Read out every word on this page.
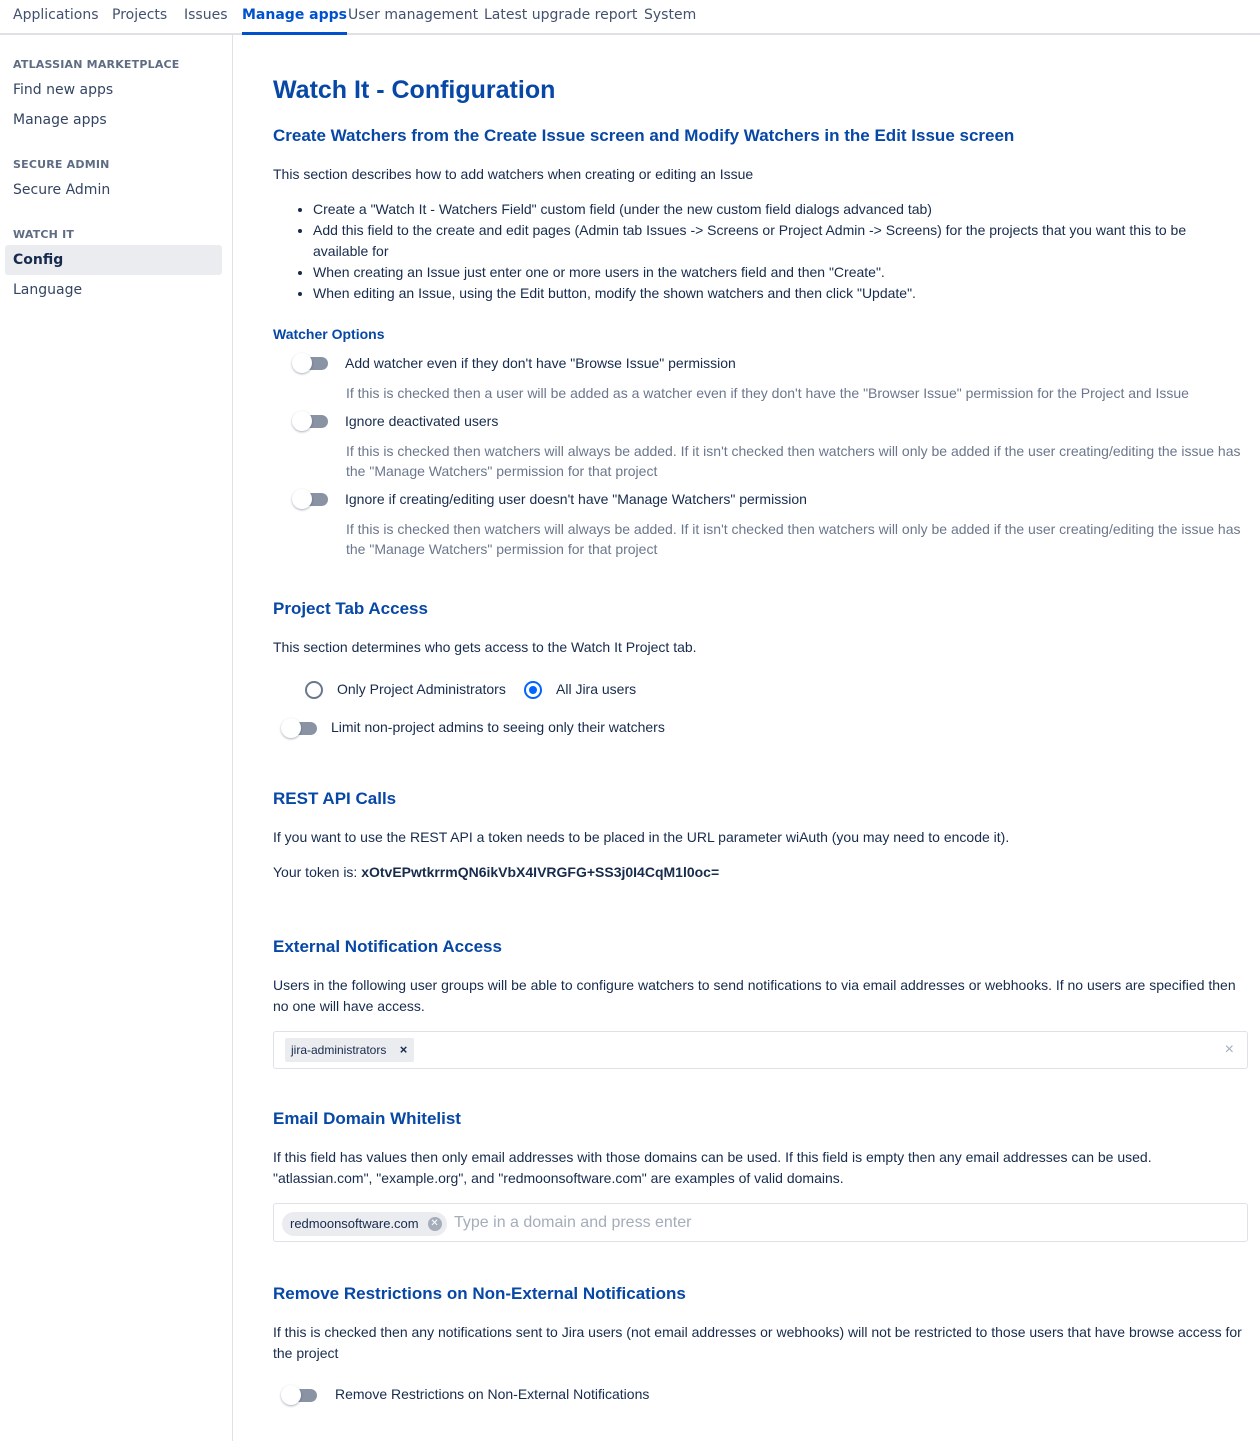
Applications Projects Issues Manage apps User management Latest upgrade report System
ATLASSIAN MARKETPLACE
Find new apps
Manage apps
SECURE ADMIN
Secure Admin
WATCH IT
Config
Language
Watch It - Configuration
Create Watchers from the Create Issue screen and Modify Watchers in the Edit Issue screen

This section describes how to add watchers when creating or editing an Issue

• Create a "Watch It - Watchers Field" custom field (under the new custom field dialogs advanced tab)
• Add this field to the create and edit pages (Admin tab Issues -> Screens or Project Admin -> Screens) for the projects that you want this to be available for
• When creating an Issue just enter one or more users in the watchers field and then "Create".
• When editing an Issue, using the Edit button, modify the shown watchers and then click "Update".
Watcher Options
Add watcher even if they don't have "Browse Issue" permission
If this is checked then a user will be added as a watcher even if they don't have the "Browser Issue" permission for the Project and Issue
Ignore deactivated users
If this is checked then watchers will always be added. If it isn't checked then watchers will only be added if the user creating/editing the issue has the "Manage Watchers" permission for that project
Ignore if creating/editing user doesn't have "Manage Watchers" permission
If this is checked then watchers will always be added. If it isn't checked then watchers will only be added if the user creating/editing the issue has the "Manage Watchers" permission for that project
Project Tab Access

This section determines who gets access to the Watch It Project tab.

Only Project Administrators	All Jira users
Limit non-project admins to seeing only their watchers
REST API Calls

If you want to use the REST API a token needs to be placed in the URL parameter wiAuth (you may need to encode it).

Your token is: xOtvEPwtkrrmQN6ikVbX4IVRGFG+SS3j0I4CqM1l0oc=

External Notification Access

Users in the following user groups will be able to configure watchers to send notifications to via email addresses or webhooks. If no users are specified then no one will have access.

jira-administrators ×	×
Email Domain Whitelist

If this field has values then only email addresses with those domains can be used. If this field is empty then any email addresses can be used. "atlassian.com", "example.org", and "redmoonsoftware.com" are examples of valid domains.

redmoonsoftware.com ✕
Type in a domain and press enter
Remove Restrictions on Non-External Notifications

If this is checked then any notifications sent to Jira users (not email addresses or webhooks) will not be restricted to those users that have browse access for the project

Remove Restrictions on Non-External Notifications
